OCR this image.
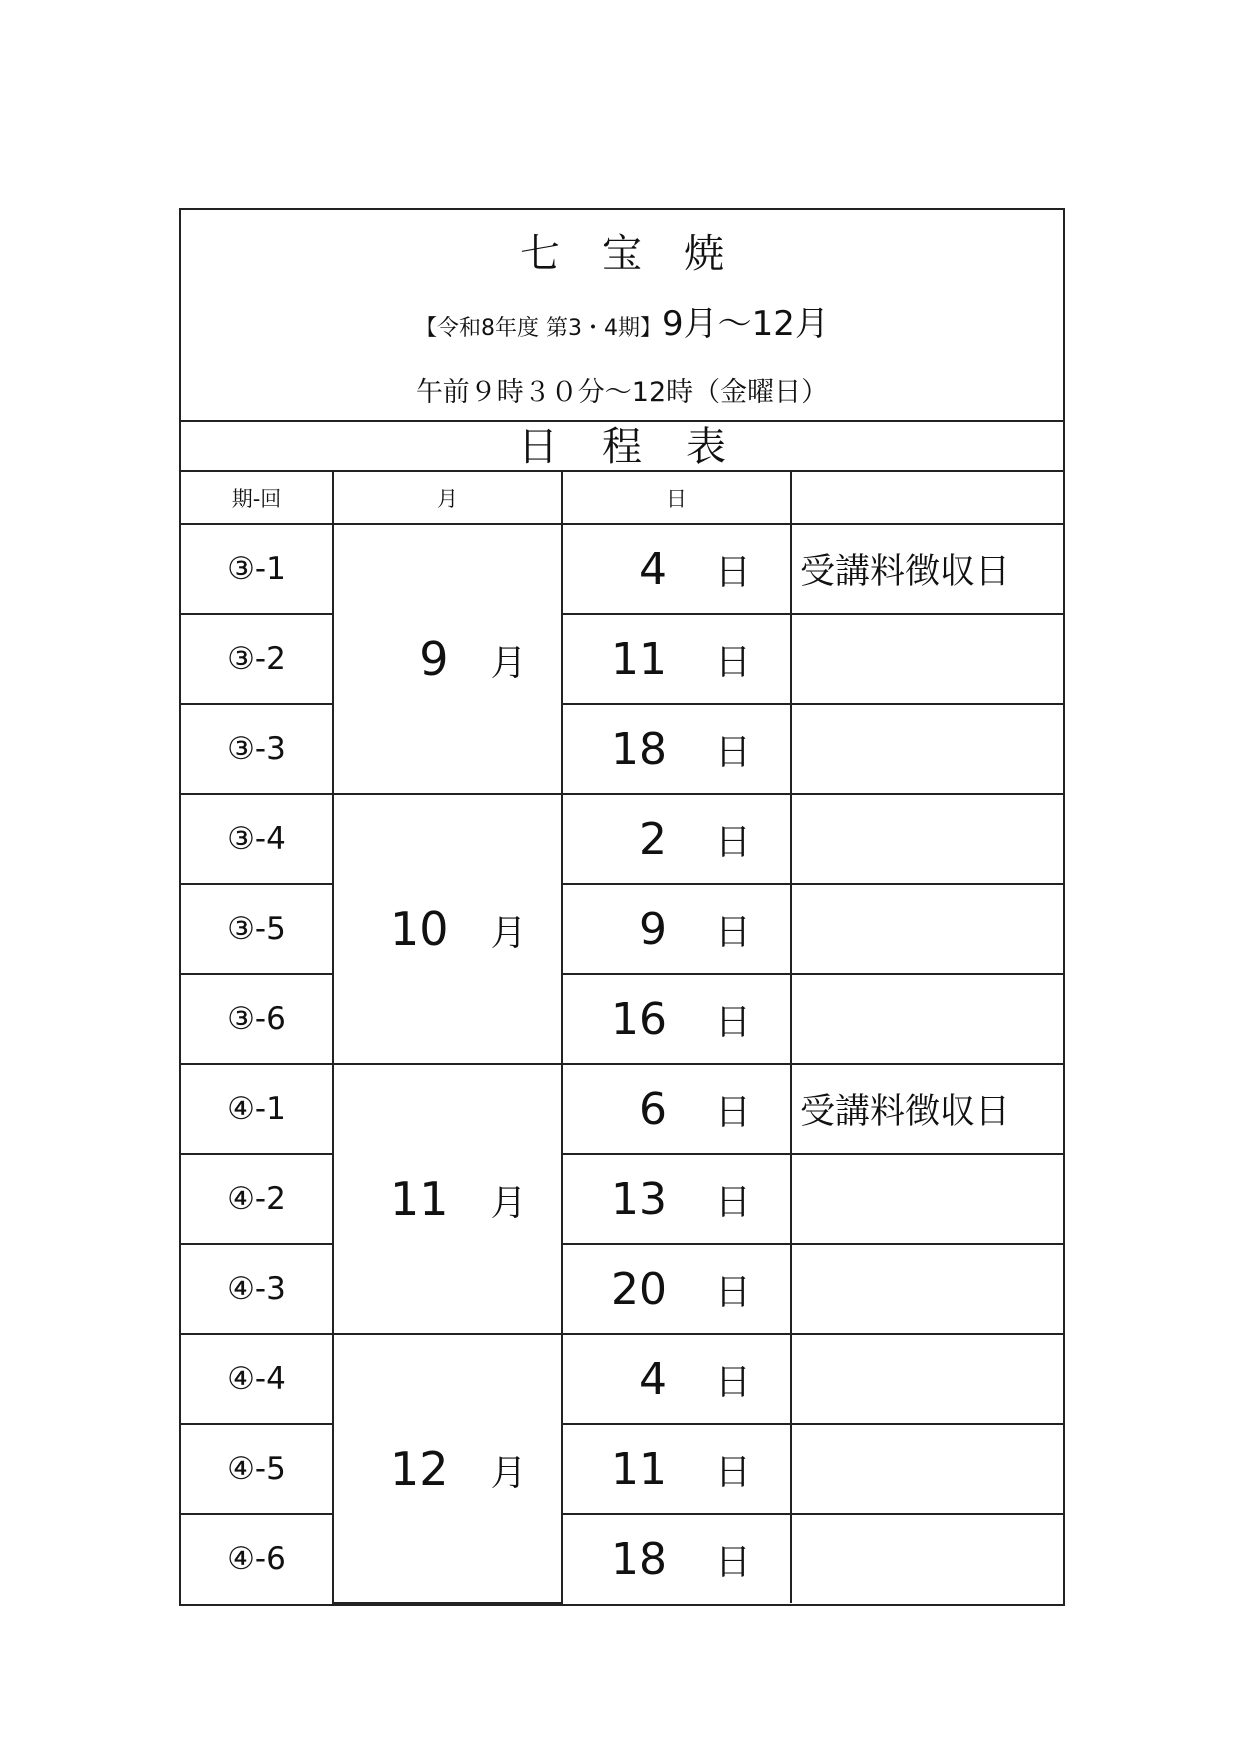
七宝焼
【令和8年度 第3・4期】9月～12月
午前９時３０分～12時（金曜日）
日程表
期‐回	月	日	
③-1	9 月	4 日	受講料徴収日
③-2		11 日	
③-3		18 日	
③-4	10 月	2 日	
③-5		9 日	
③-6		16 日	
④-1	11 月	6 日	受講料徴収日
④-2		13 日	
④-3		20 日	
④-4	12 月	4 日	
④-5		11 日	
④-6		18 日	
